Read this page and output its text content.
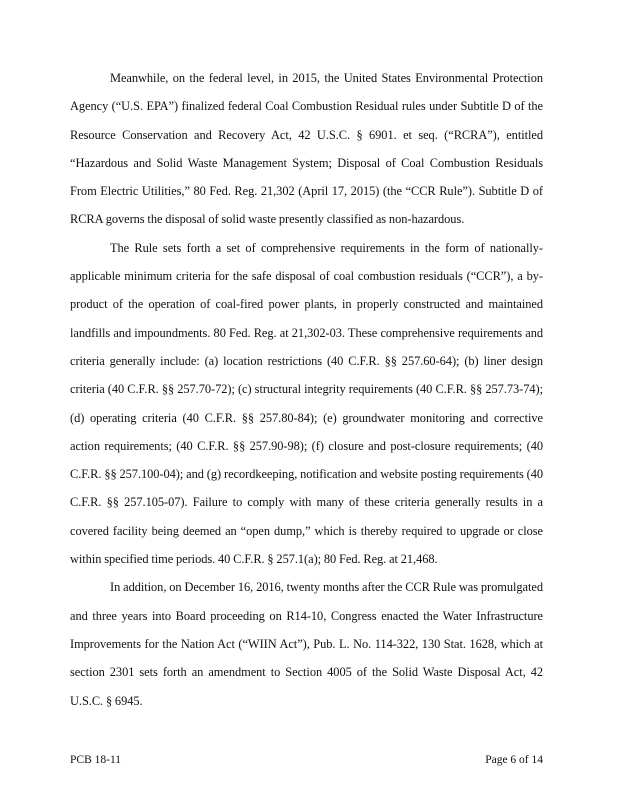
Meanwhile, on the federal level, in 2015, the United States Environmental Protection Agency (“U.S. EPA”) finalized federal Coal Combustion Residual rules under Subtitle D of the Resource Conservation and Recovery Act, 42 U.S.C. § 6901. et seq. (“RCRA”), entitled “Hazardous and Solid Waste Management System; Disposal of Coal Combustion Residuals From Electric Utilities,” 80 Fed. Reg. 21,302 (April 17, 2015) (the “CCR Rule”). Subtitle D of RCRA governs the disposal of solid waste presently classified as non-hazardous.

The Rule sets forth a set of comprehensive requirements in the form of nationally-applicable minimum criteria for the safe disposal of coal combustion residuals (“CCR”), a by-product of the operation of coal-fired power plants, in properly constructed and maintained landfills and impoundments. 80 Fed. Reg. at 21,302-03. These comprehensive requirements and criteria generally include: (a) location restrictions (40 C.F.R. §§ 257.60-64); (b) liner design criteria (40 C.F.R. §§ 257.70-72); (c) structural integrity requirements (40 C.F.R. §§ 257.73-74); (d) operating criteria (40 C.F.R. §§ 257.80-84); (e) groundwater monitoring and corrective action requirements; (40 C.F.R. §§ 257.90-98); (f) closure and post-closure requirements; (40 C.F.R. §§ 257.100-04); and (g) recordkeeping, notification and website posting requirements (40 C.F.R. §§ 257.105-07). Failure to comply with many of these criteria generally results in a covered facility being deemed an “open dump,” which is thereby required to upgrade or close within specified time periods. 40 C.F.R. § 257.1(a); 80 Fed. Reg. at 21,468.

In addition, on December 16, 2016, twenty months after the CCR Rule was promulgated and three years into Board proceeding on R14-10, Congress enacted the Water Infrastructure Improvements for the Nation Act (“WIIN Act”), Pub. L. No. 114-322, 130 Stat. 1628, which at section 2301 sets forth an amendment to Section 4005 of the Solid Waste Disposal Act, 42 U.S.C. § 6945.

PCB 18-11	Page 6 of 14
